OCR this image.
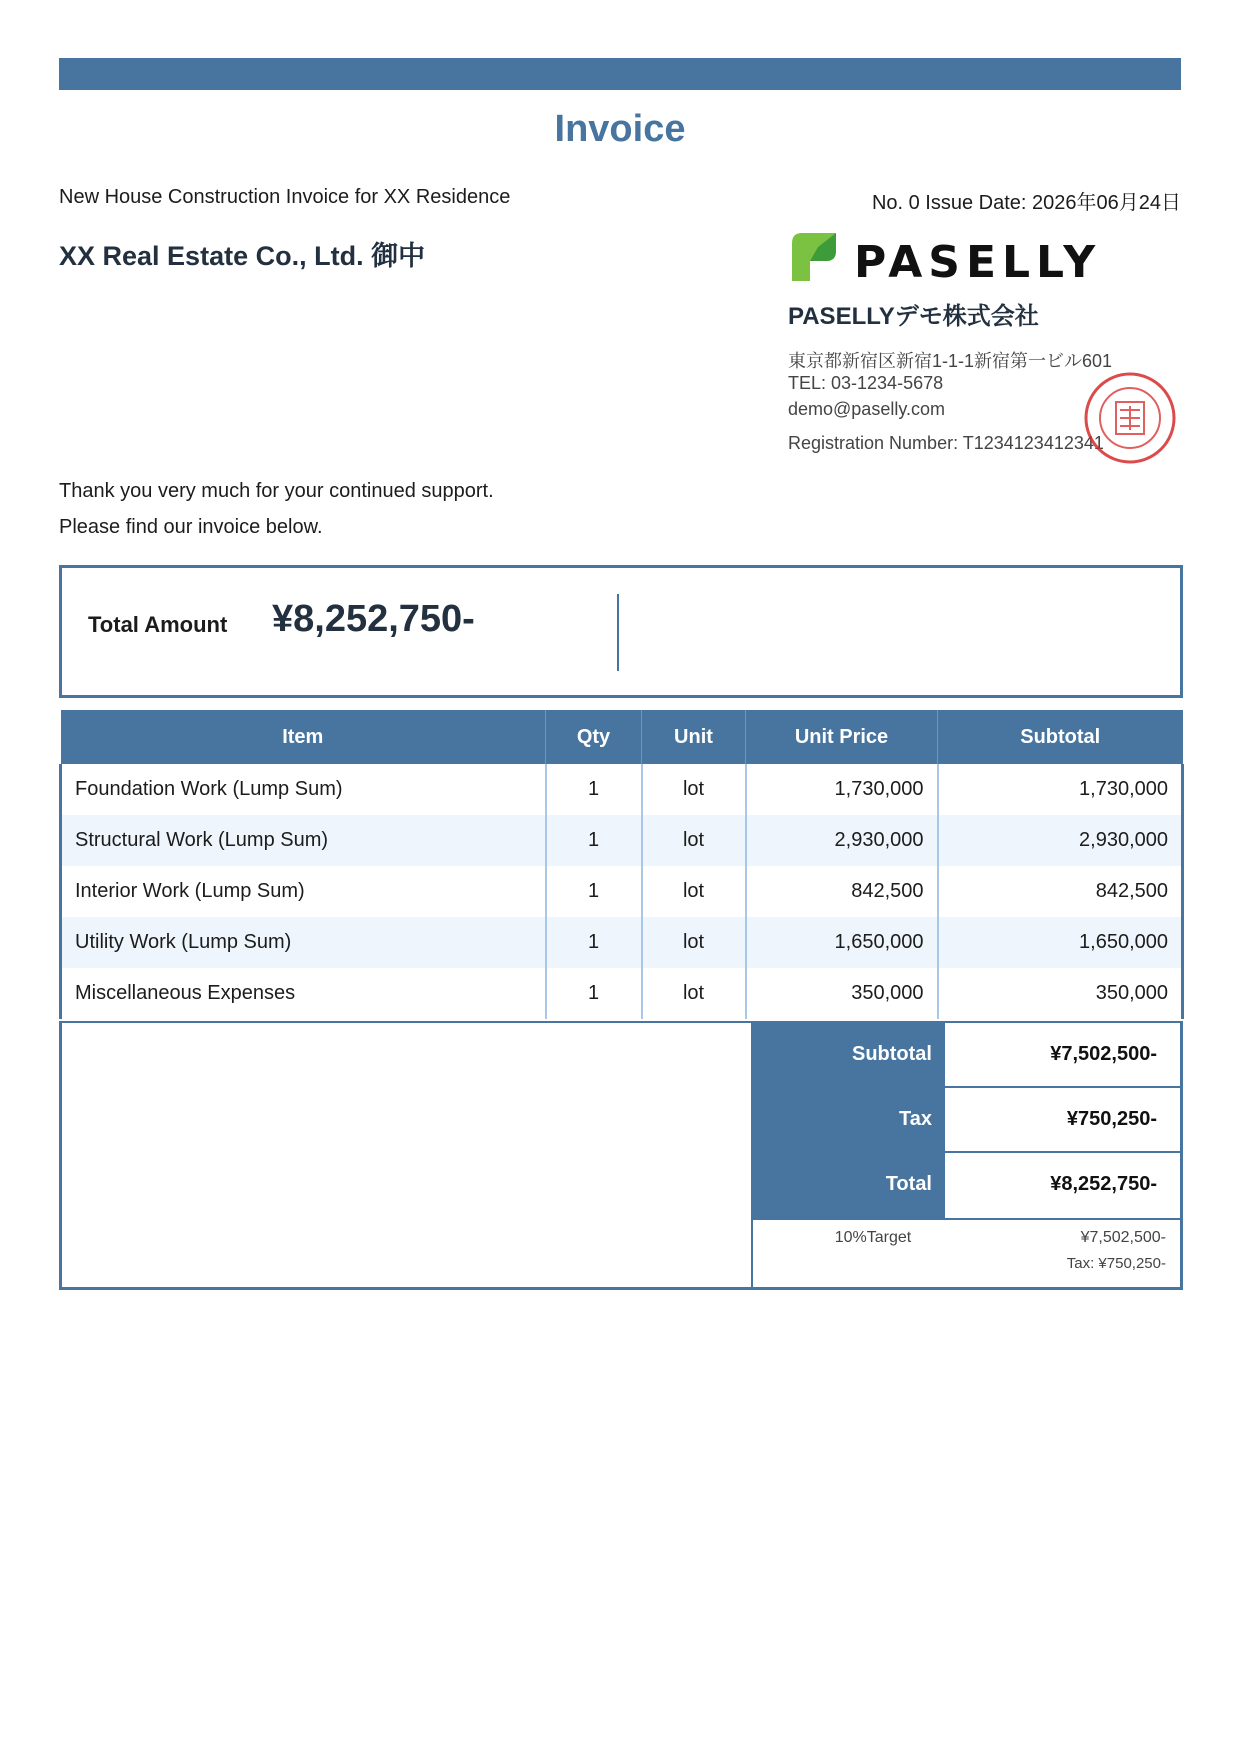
Invoice
New House Construction Invoice for XX Residence	No. 0 Issue Date: 2026年06月24日
XX Real Estate Co., Ltd. 御中	PASELLY
PASELLYデモ株式会社
東京都新宿区新宿1-1-1新宿第一ビル601
TEL: 03-1234-5678
demo@paselly.com
Registration Number: T1234123412341
Thank you very much for your continued support.
Please find our invoice below.
Total Amount ¥8,252,750-
Item	Qty	Unit	Unit Price	Subtotal
Foundation Work (Lump Sum)	1	lot	1,730,000	1,730,000
Structural Work (Lump Sum)	1	lot	2,930,000	2,930,000
Interior Work (Lump Sum)	1	lot	842,500	842,500
Utility Work (Lump Sum)	1	lot	1,650,000	1,650,000
Miscellaneous Expenses	1	lot	350,000	350,000
Subtotal	¥7,502,500-
Tax	¥750,250-
Total	¥8,252,750-
10%Target	¥7,502,500-
Tax: ¥750,250-
